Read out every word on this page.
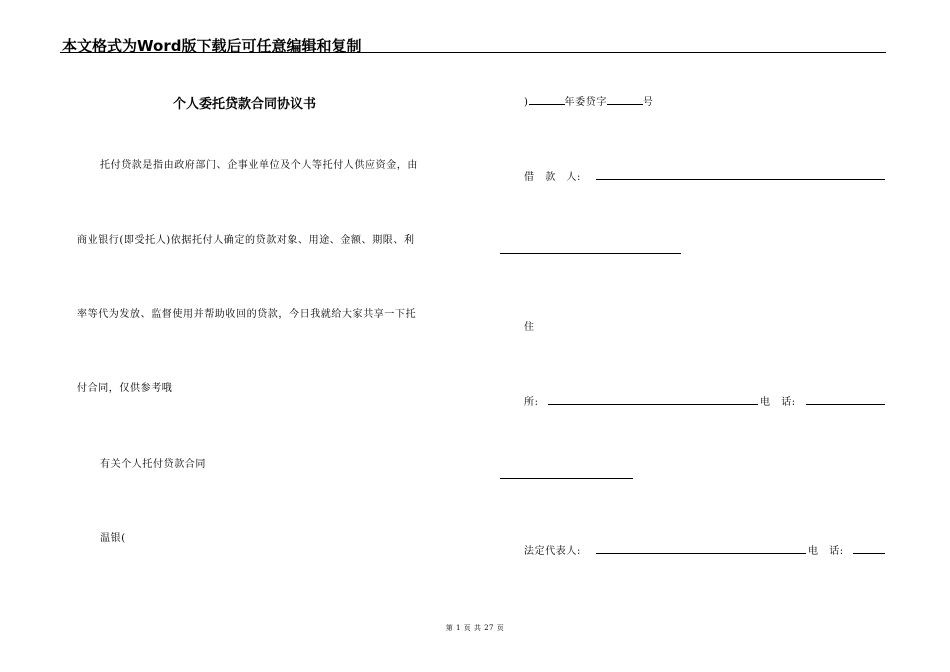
本文格式为Word版下载后可任意编辑和复制
个人委托贷款合同协议书
托付贷款是指由政府部门、企事业单位及个人等托付人供应资金，由
商业银行(即受托人)依据托付人确定的贷款对象、用途、金额、期限、利
率等代为发放、监督使用并帮助收回的贷款，今日我就给大家共享一下托
付合同，仅供参考哦
有关个人托付贷款合同
温银(
)	年委贷字	号
借　款　人:
住
所:	电　话:
法定代表人:	电　话:
第 1 页 共 27 页
